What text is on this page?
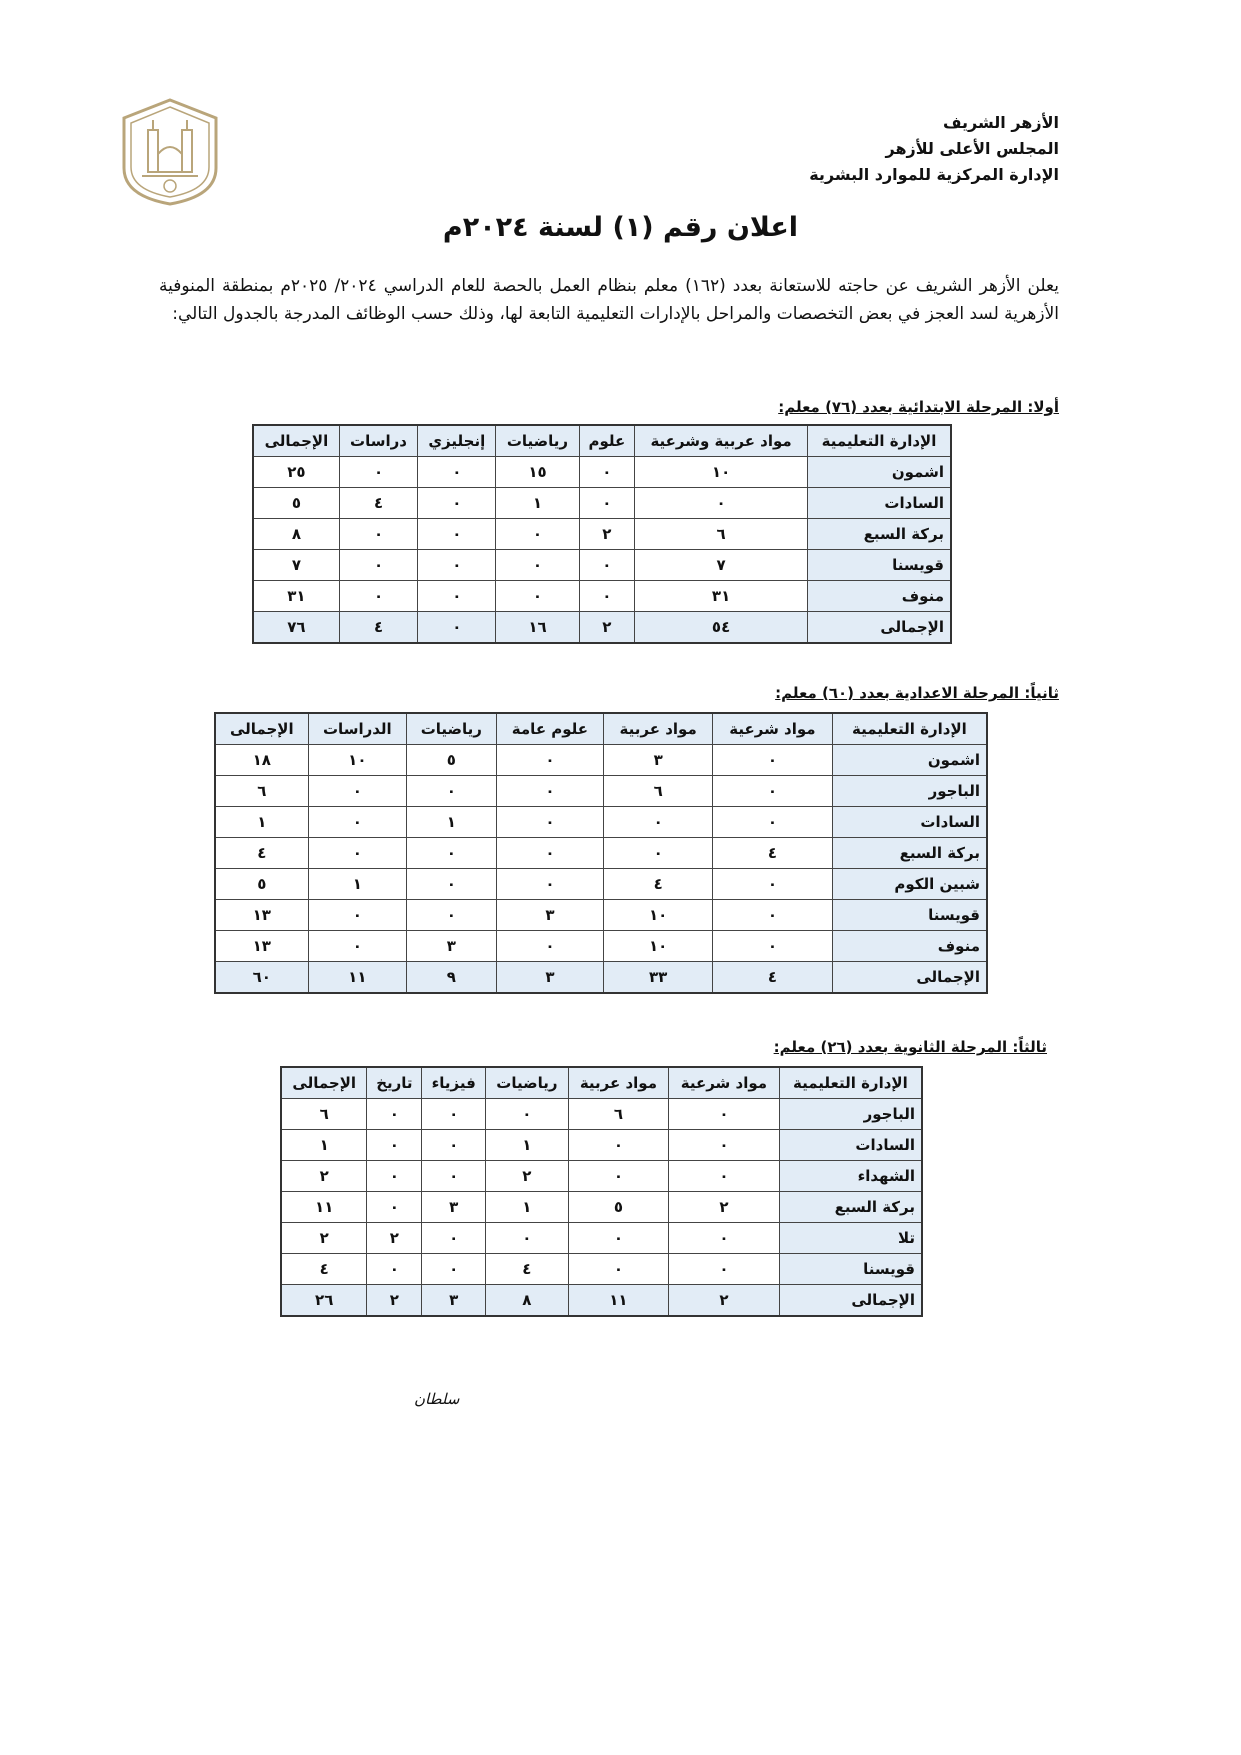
الأزهر الشريف
المجلس الأعلى للأزهر
الإدارة المركزية للموارد البشرية
اعلان رقم (١) لسنة ٢٠٢٤م
يعلن الأزهر الشريف عن حاجته للاستعانة بعدد (١٦٢) معلم بنظام العمل بالحصة للعام الدراسي ٢٠٢٤/ ٢٠٢٥م بمنطقة المنوفية الأزهرية لسد العجز في بعض التخصصات والمراحل بالإدارات التعليمية التابعة لها، وذلك حسب الوظائف المدرجة بالجدول التالي:
أولا: المرحلة الابتدائية بعدد (٧٦) معلم:
الإدارة التعليمية	مواد عربية وشرعية	علوم	رياضيات	إنجليزي	دراسات	الإجمالى
اشمون	١٠	٠	١٥	٠	٠	٢٥
السادات	٠	٠	١	٠	٤	٥
بركة السبع	٦	٢	٠	٠	٠	٨
قويسنا	٧	٠	٠	٠	٠	٧
منوف	٣١	٠	٠	٠	٠	٣١
الإجمالى	٥٤	٢	١٦	٠	٤	٧٦
ثانياً: المرحلة الاعدادية بعدد (٦٠) معلم:
الإدارة التعليمية	مواد شرعية	مواد عربية	علوم عامة	رياضيات	الدراسات	الإجمالى
اشمون	٠	٣	٠	٥	١٠	١٨
الباجور	٠	٦	٠	٠	٠	٦
السادات	٠	٠	٠	١	٠	١
بركة السبع	٤	٠	٠	٠	٠	٤
شبين الكوم	٠	٤	٠	٠	١	٥
قويسنا	٠	١٠	٣	٠	٠	١٣
منوف	٠	١٠	٠	٣	٠	١٣
الإجمالى	٤	٣٣	٣	٩	١١	٦٠
ثالثاً: المرحلة الثانوية بعدد (٢٦) معلم:
الإدارة التعليمية	مواد شرعية	مواد عربية	رياضيات	فيزياء	تاريخ	الإجمالى
الباجور	٠	٦	٠	٠	٠	٦
السادات	٠	٠	١	٠	٠	١
الشهداء	٠	٠	٢	٠	٠	٢
بركة السبع	٢	٥	١	٣	٠	١١
تلا	٠	٠	٠	٠	٢	٢
قويسنا	٠	٠	٤	٠	٠	٤
الإجمالى	٢	١١	٨	٣	٢	٢٦
سلطان
